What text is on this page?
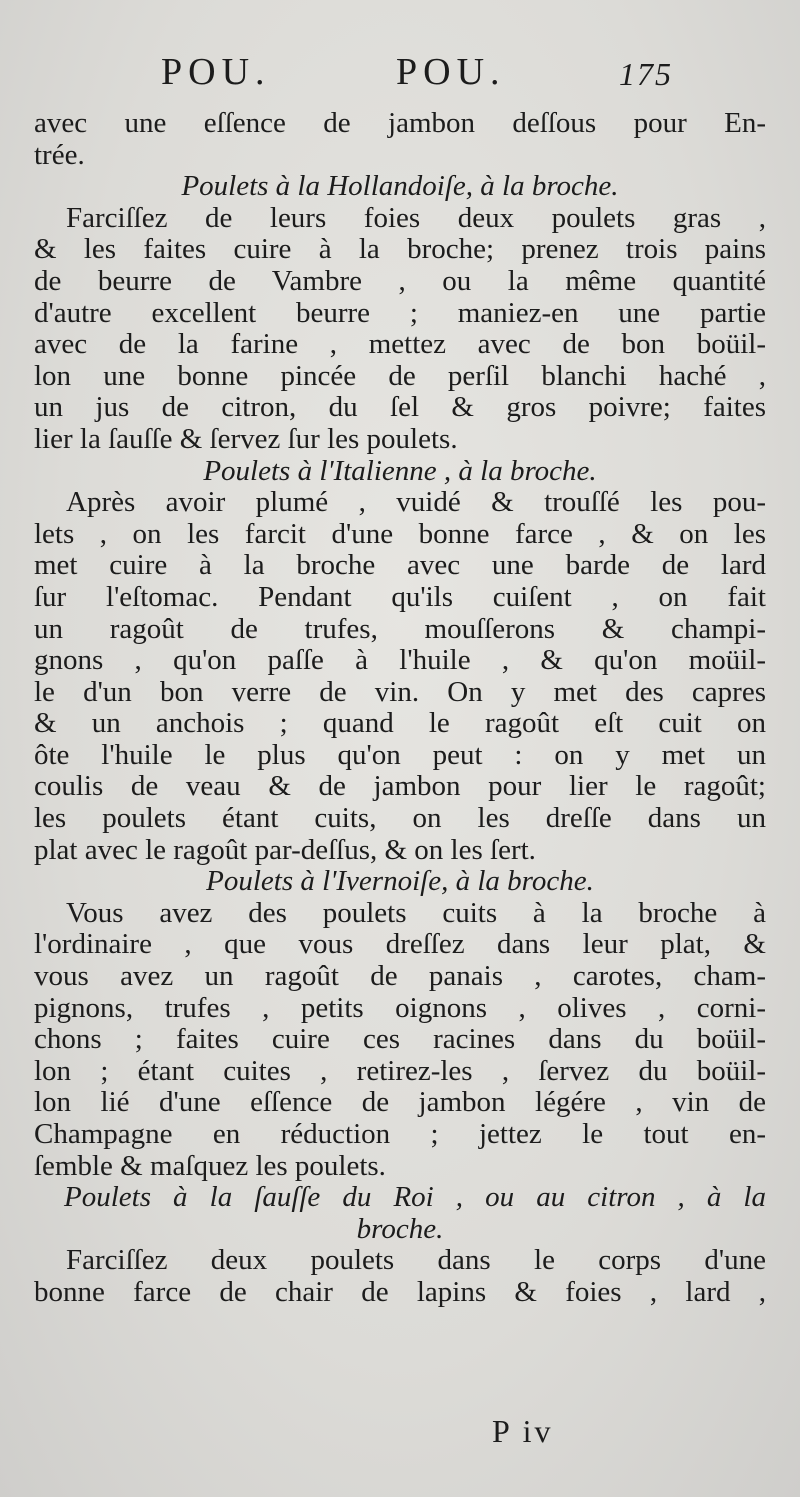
POU.	POU.	175
avec une eſſence de jambon deſſous pour En-
trée.
Poulets à la Hollandoiſe, à la broche.
Farciſſez de leurs foies deux poulets gras ,
& les faites cuire à la broche; prenez trois pains
de beurre de Vambre , ou la même quantité
d'autre excellent beurre ; maniez-en une partie
avec de la farine , mettez avec de bon boüil-
lon une bonne pincée de perſil blanchi haché ,
un jus de citron, du ſel & gros poivre; faites
lier la ſauſſe & ſervez ſur les poulets.
Poulets à l'Italienne , à la broche.
Après avoir plumé , vuidé & trouſſé les pou-
lets , on les farcit d'une bonne farce , & on les
met cuire à la broche avec une barde de lard
ſur l'eſtomac. Pendant qu'ils cuiſent , on fait
un ragoût de trufes, mouſſerons & champi-
gnons , qu'on paſſe à l'huile , & qu'on moüil-
le d'un bon verre de vin. On y met des capres
& un anchois ; quand le ragoût eſt cuit on
ôte l'huile le plus qu'on peut : on y met un
coulis de veau & de jambon pour lier le ragoût;
les poulets étant cuits, on les dreſſe dans un
plat avec le ragoût par-deſſus, & on les ſert.
Poulets à l'Ivernoiſe, à la broche.
Vous avez des poulets cuits à la broche à
l'ordinaire , que vous dreſſez dans leur plat, &
vous avez un ragoût de panais , carotes, cham-
pignons, trufes , petits oignons , olives , corni-
chons ; faites cuire ces racines dans du boüil-
lon ; étant cuites , retirez-les , ſervez du boüil-
lon lié d'une eſſence de jambon légére , vin de
Champagne en réduction ; jettez le tout en-
ſemble & maſquez les poulets.
Poulets à la ſauſſe du Roi , ou au citron , à la
broche.
Farciſſez deux poulets dans le corps d'une
bonne farce de chair de lapins & foies , lard ,
P iv
